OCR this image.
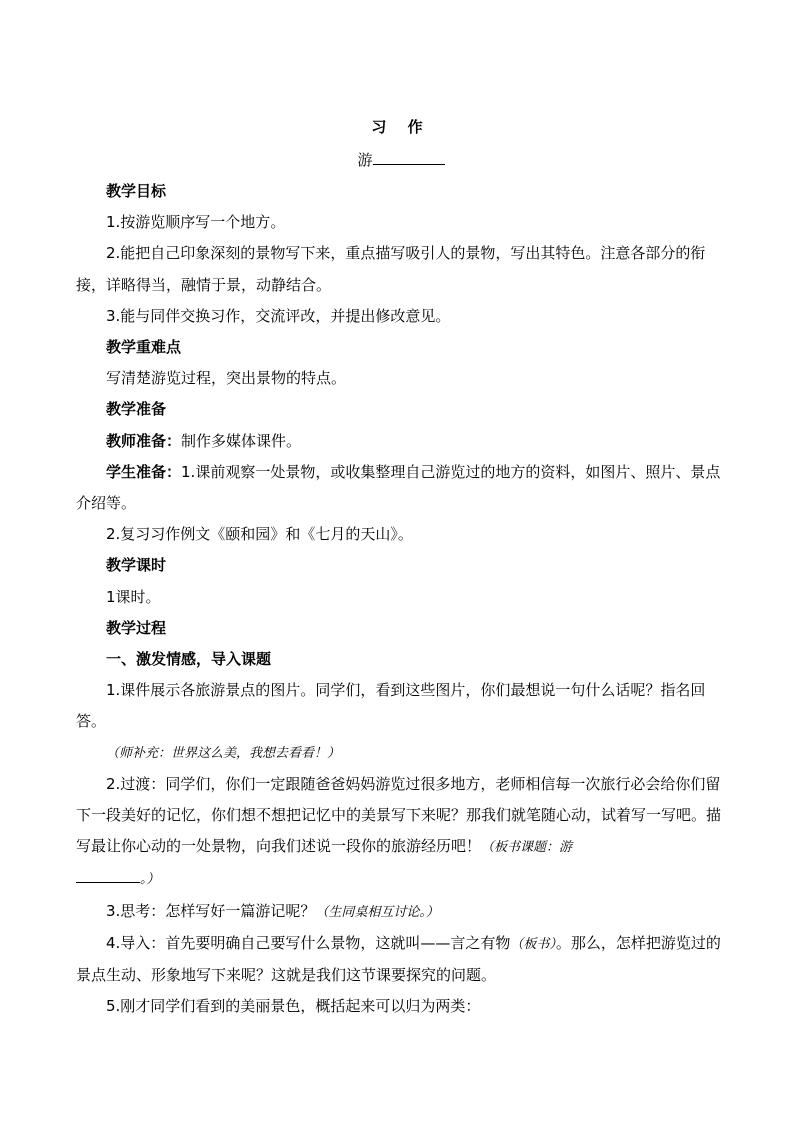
习 作
游

教学目标

1.按游览顺序写一个地方。

2.能把自己印象深刻的景物写下来，重点描写吸引人的景物，写出其特色。注意各部分的衔接，详略得当，融情于景，动静结合。

3.能与同伴交换习作，交流评改，并提出修改意见。

教学重难点

写清楚游览过程，突出景物的特点。

教学准备

教师准备：制作多媒体课件。

学生准备：1.课前观察一处景物，或收集整理自己游览过的地方的资料，如图片、照片、景点介绍等。

2.复习习作例文《颐和园》和《七月的天山》。

教学课时

1课时。

教学过程

一、激发情感，导入课题

1.课件展示各旅游景点的图片。同学们，看到这些图片，你们最想说一句什么话呢？指名回答。

（师补充：世界这么美，我想去看看！）

2.过渡：同学们，你们一定跟随爸爸妈妈游览过很多地方，老师相信每一次旅行必会给你们留下一段美好的记忆，你们想不想把记忆中的美景写下来呢？那我们就笔随心动，试着写一写吧。描写最让你心动的一处景物，向我们述说一段你的旅游经历吧！（板书课题：游
。）

3.思考：怎样写好一篇游记呢？（生同桌相互讨论。）

4.导入：首先要明确自己要写什么景物，这就叫——言之有物（板书）。那么，怎样把游览过的景点生动、形象地写下来呢？这就是我们这节课要探究的问题。

5.刚才同学们看到的美丽景色，概括起来可以归为两类：
